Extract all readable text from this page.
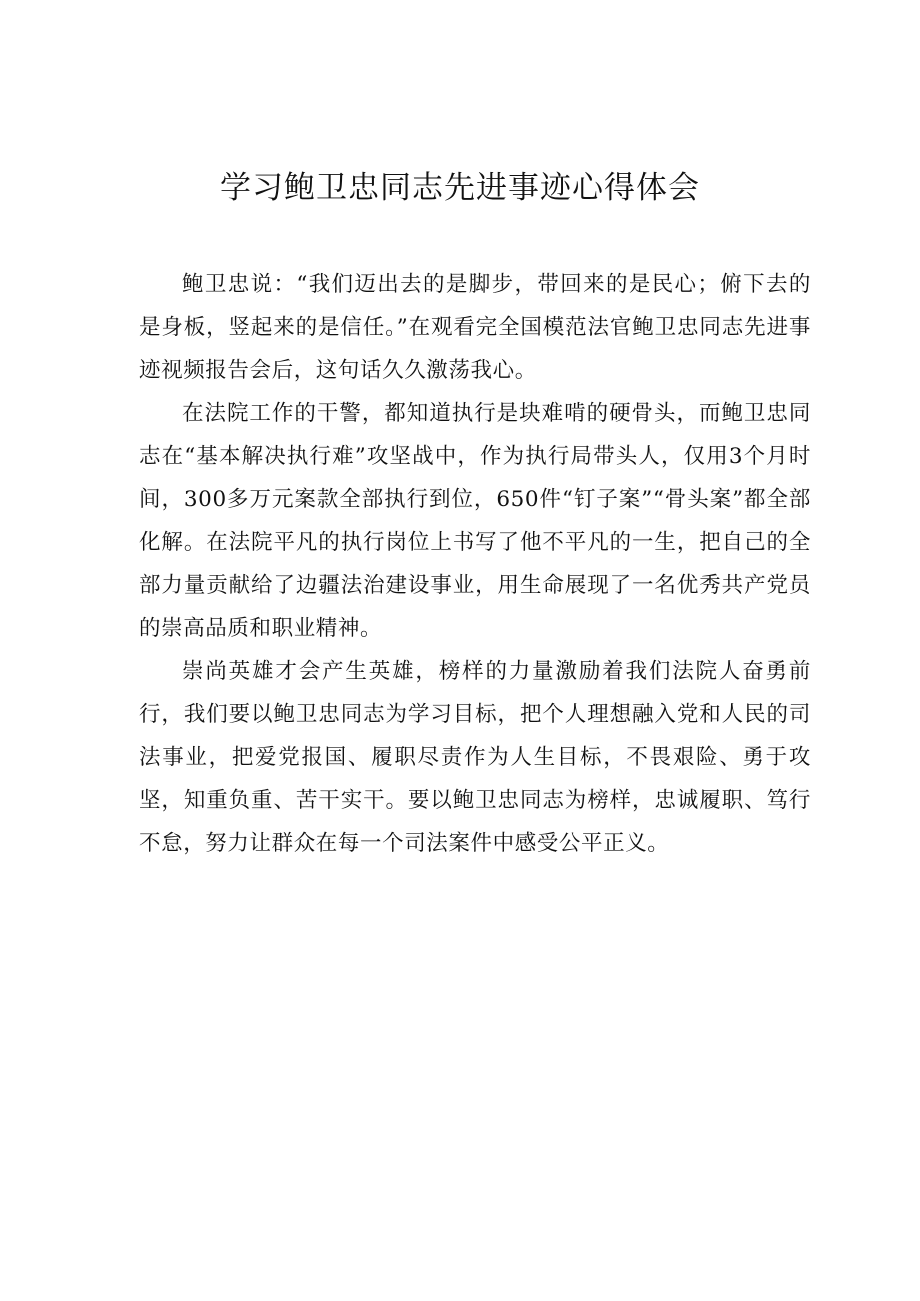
学习鲍卫忠同志先进事迹心得体会

鲍卫忠说：“我们迈出去的是脚步，带回来的是民心；俯下去的是身板，竖起来的是信任。”在观看完全国模范法官鲍卫忠同志先进事迹视频报告会后，这句话久久激荡我心。

在法院工作的干警，都知道执行是块难啃的硬骨头，而鲍卫忠同志在“基本解决执行难”攻坚战中，作为执行局带头人，仅用3个月时间，300多万元案款全部执行到位，650件“钉子案”“骨头案”都全部化解。在法院平凡的执行岗位上书写了他不平凡的一生，把自己的全部力量贡献给了边疆法治建设事业，用生命展现了一名优秀共产党员的崇高品质和职业精神。

崇尚英雄才会产生英雄，榜样的力量激励着我们法院人奋勇前行，我们要以鲍卫忠同志为学习目标，把个人理想融入党和人民的司法事业，把爱党报国、履职尽责作为人生目标，不畏艰险、勇于攻坚，知重负重、苦干实干。要以鲍卫忠同志为榜样，忠诚履职、笃行不怠，努力让群众在每一个司法案件中感受公平正义。
